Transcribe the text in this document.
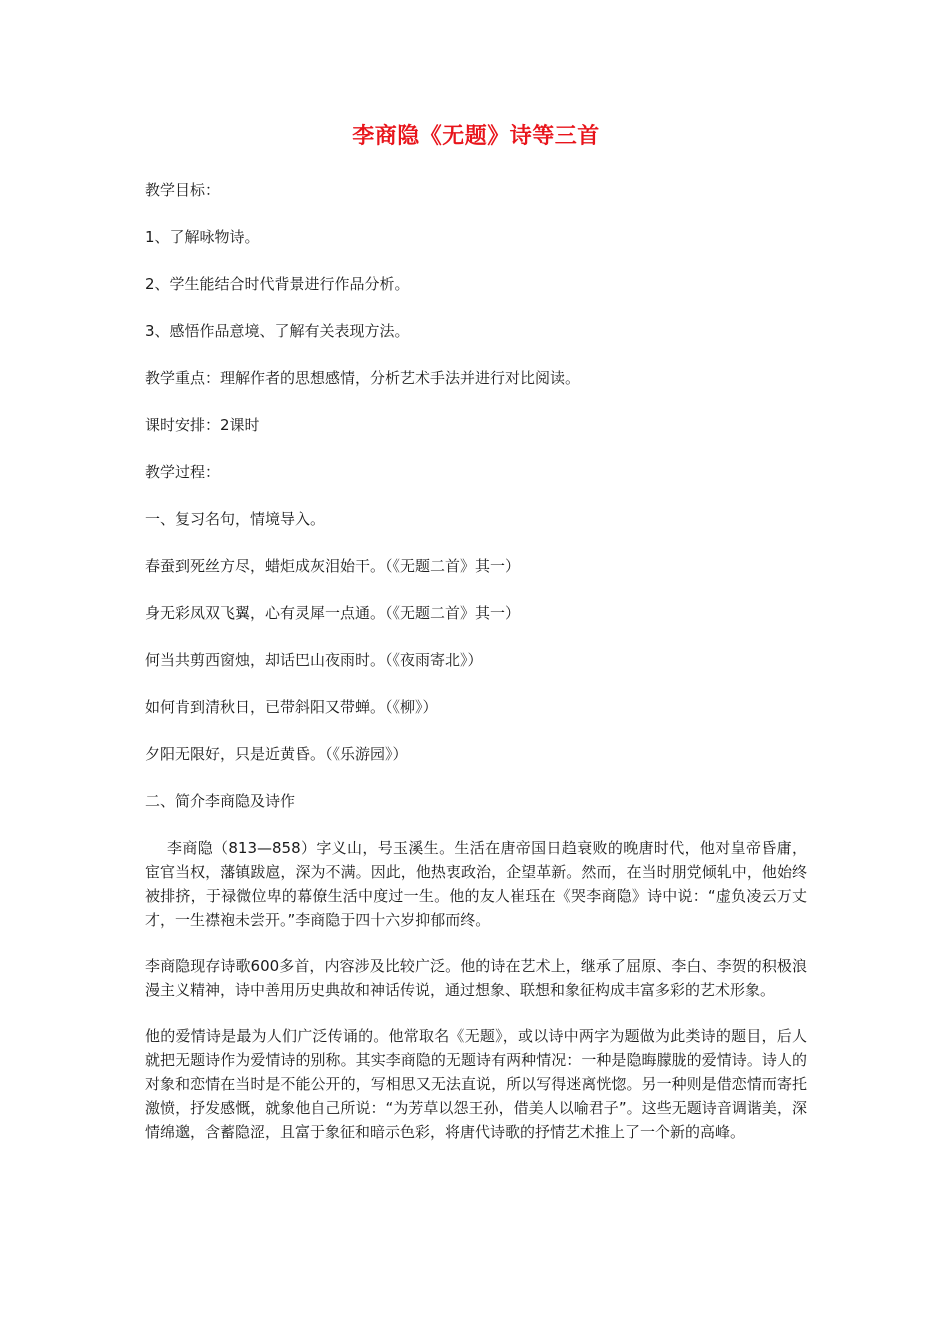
李商隐《无题》诗等三首
教学目标：
1、了解咏物诗。
2、学生能结合时代背景进行作品分析。
3、感悟作品意境、了解有关表现方法。
教学重点：理解作者的思想感情，分析艺术手法并进行对比阅读。
课时安排：2课时
教学过程：
一、复习名句，情境导入。
春蚕到死丝方尽，蜡炬成灰泪始干。（《无题二首》其一）
身无彩凤双飞翼，心有灵犀一点通。（《无题二首》其一）
何当共剪西窗烛，却话巴山夜雨时。（《夜雨寄北》）
如何肯到清秋日，已带斜阳又带蝉。（《柳》）
夕阳无限好，只是近黄昏。（《乐游园》）
二、简介李商隐及诗作
李商隐（813—858）字义山，号玉溪生。生活在唐帝国日趋衰败的晚唐时代，他对皇帝昏庸，宦官当权，藩镇跋扈，深为不满。因此，他热衷政治，企望革新。然而，在当时朋党倾轧中，他始终被排挤，于禄微位卑的幕僚生活中度过一生。他的友人崔珏在《哭李商隐》诗中说：“虚负凌云万丈才，一生襟袍未尝开。”李商隐于四十六岁抑郁而终。
李商隐现存诗歌600多首，内容涉及比较广泛。他的诗在艺术上，继承了屈原、李白、李贺的积极浪漫主义精神，诗中善用历史典故和神话传说，通过想象、联想和象征构成丰富多彩的艺术形象。
他的爱情诗是最为人们广泛传诵的。他常取名《无题》，或以诗中两字为题做为此类诗的题目，后人就把无题诗作为爱情诗的别称。其实李商隐的无题诗有两种情况：一种是隐晦朦胧的爱情诗。诗人的对象和恋情在当时是不能公开的，写相思又无法直说，所以写得迷离恍惚。另一种则是借恋情而寄托激愤，抒发感慨，就象他自己所说：“为芳草以怨王孙，借美人以喻君子”。这些无题诗音调谐美，深情绵邈，含蓄隐涩，且富于象征和暗示色彩，将唐代诗歌的抒情艺术推上了一个新的高峰。
